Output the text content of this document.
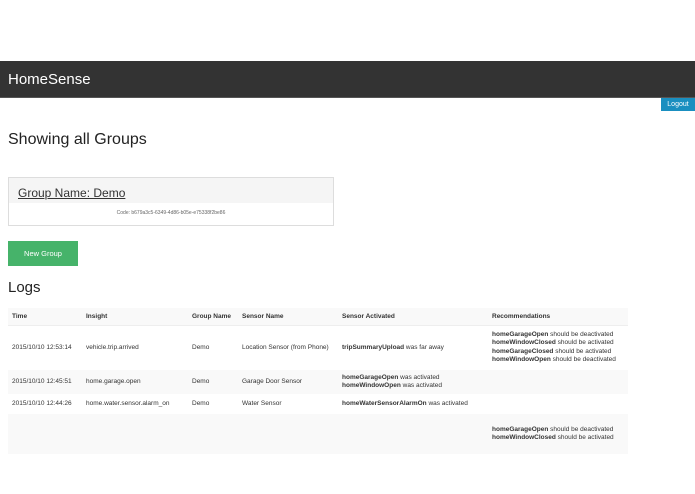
HomeSense
Logout
Showing all Groups
Group Name: Demo
Code: b679a3c5-6349-4d86-b05e-e75338f2be86
New Group
Logs
Time	Insight	Group Name	Sensor Name	Sensor Activated	Recommendations
2015/10/10 12:53:14	vehicle.trip.arrived	Demo	Location Sensor (from Phone)	tripSummaryUpload was far away	homeGarageOpen should be deactivated
homeWindowClosed should be activated
homeGarageClosed should be activated
homeWindowOpen should be deactivated

2015/10/10 12:45:51	home.garage.open	Demo	Garage Door Sensor	homeGarageOpen was activated
homeWindowOpen was activated	

2015/10/10 12:44:26	home.water.sensor.alarm_on	Demo	Water Sensor	homeWaterSensorAlarmOn was activated	

					homeGarageOpen should be deactivated
homeWindowClosed should be activated
